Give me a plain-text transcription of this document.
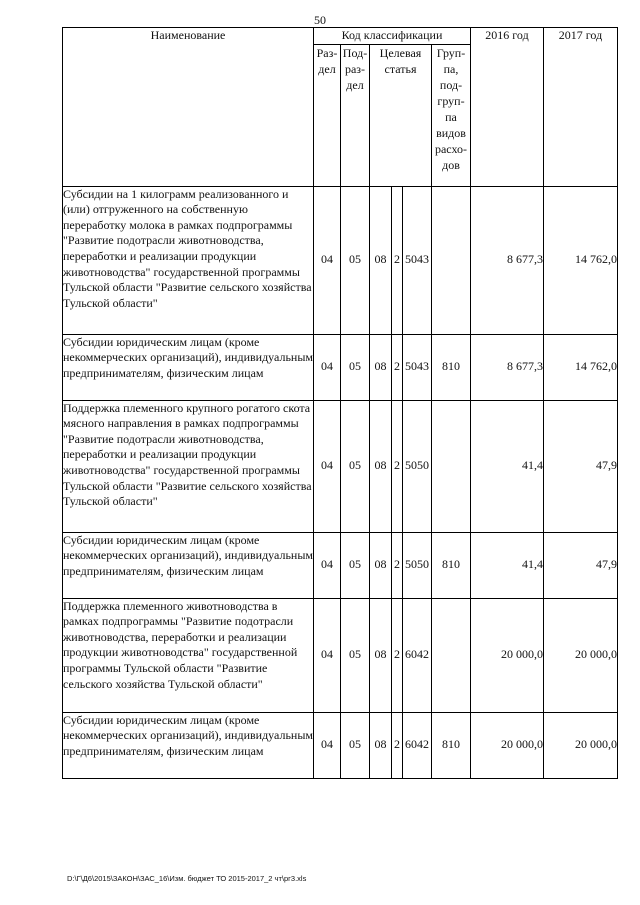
50
Наименование	Код классификации						2016 год	2017 год
	Раз-дел	Под-раз-дел	Целевая статья			Груп-па, под-груп-па видов расхо-дов		
Субсидии на 1 килограмм реализованного и (или) отгруженного на собственную переработку молока в рамках подпрограммы "Развитие подотрасли животноводства, переработки и реализации продукции животноводства" государственной программы Тульской области "Развитие сельского хозяйства Тульской области"	04	05	08	2	5043		8 677,3	14 762,0
Субсидии юридическим лицам (кроме некоммерческих организаций), индивидуальным предпринимателям, физическим лицам	04	05	08	2	5043	810	8 677,3	14 762,0
Поддержка племенного крупного рогатого скота мясного направления в рамках подпрограммы "Развитие подотрасли животноводства, переработки и реализации продукции животноводства" государственной программы Тульской области "Развитие сельского хозяйства Тульской области"	04	05	08	2	5050		41,4	47,9
Субсидии юридическим лицам (кроме некоммерческих организаций), индивидуальным предпринимателям, физическим лицам	04	05	08	2	5050	810	41,4	47,9
Поддержка племенного животноводства в рамках подпрограммы "Развитие подотрасли животноводства, переработки и реализации продукции животноводства" государственной программы Тульской области "Развитие сельского хозяйства Тульской области"	04	05	08	2	6042		20 000,0	20 000,0
Субсидии юридическим лицам (кроме некоммерческих организаций), индивидуальным предпринимателям, физическим лицам	04	05	08	2	6042	810	20 000,0	20 000,0
D:\Г\Д6\2015\ЗАКОН\ЗАС_16\Изм. бюджет ТО 2015-2017_2 чт\рг3.xls
